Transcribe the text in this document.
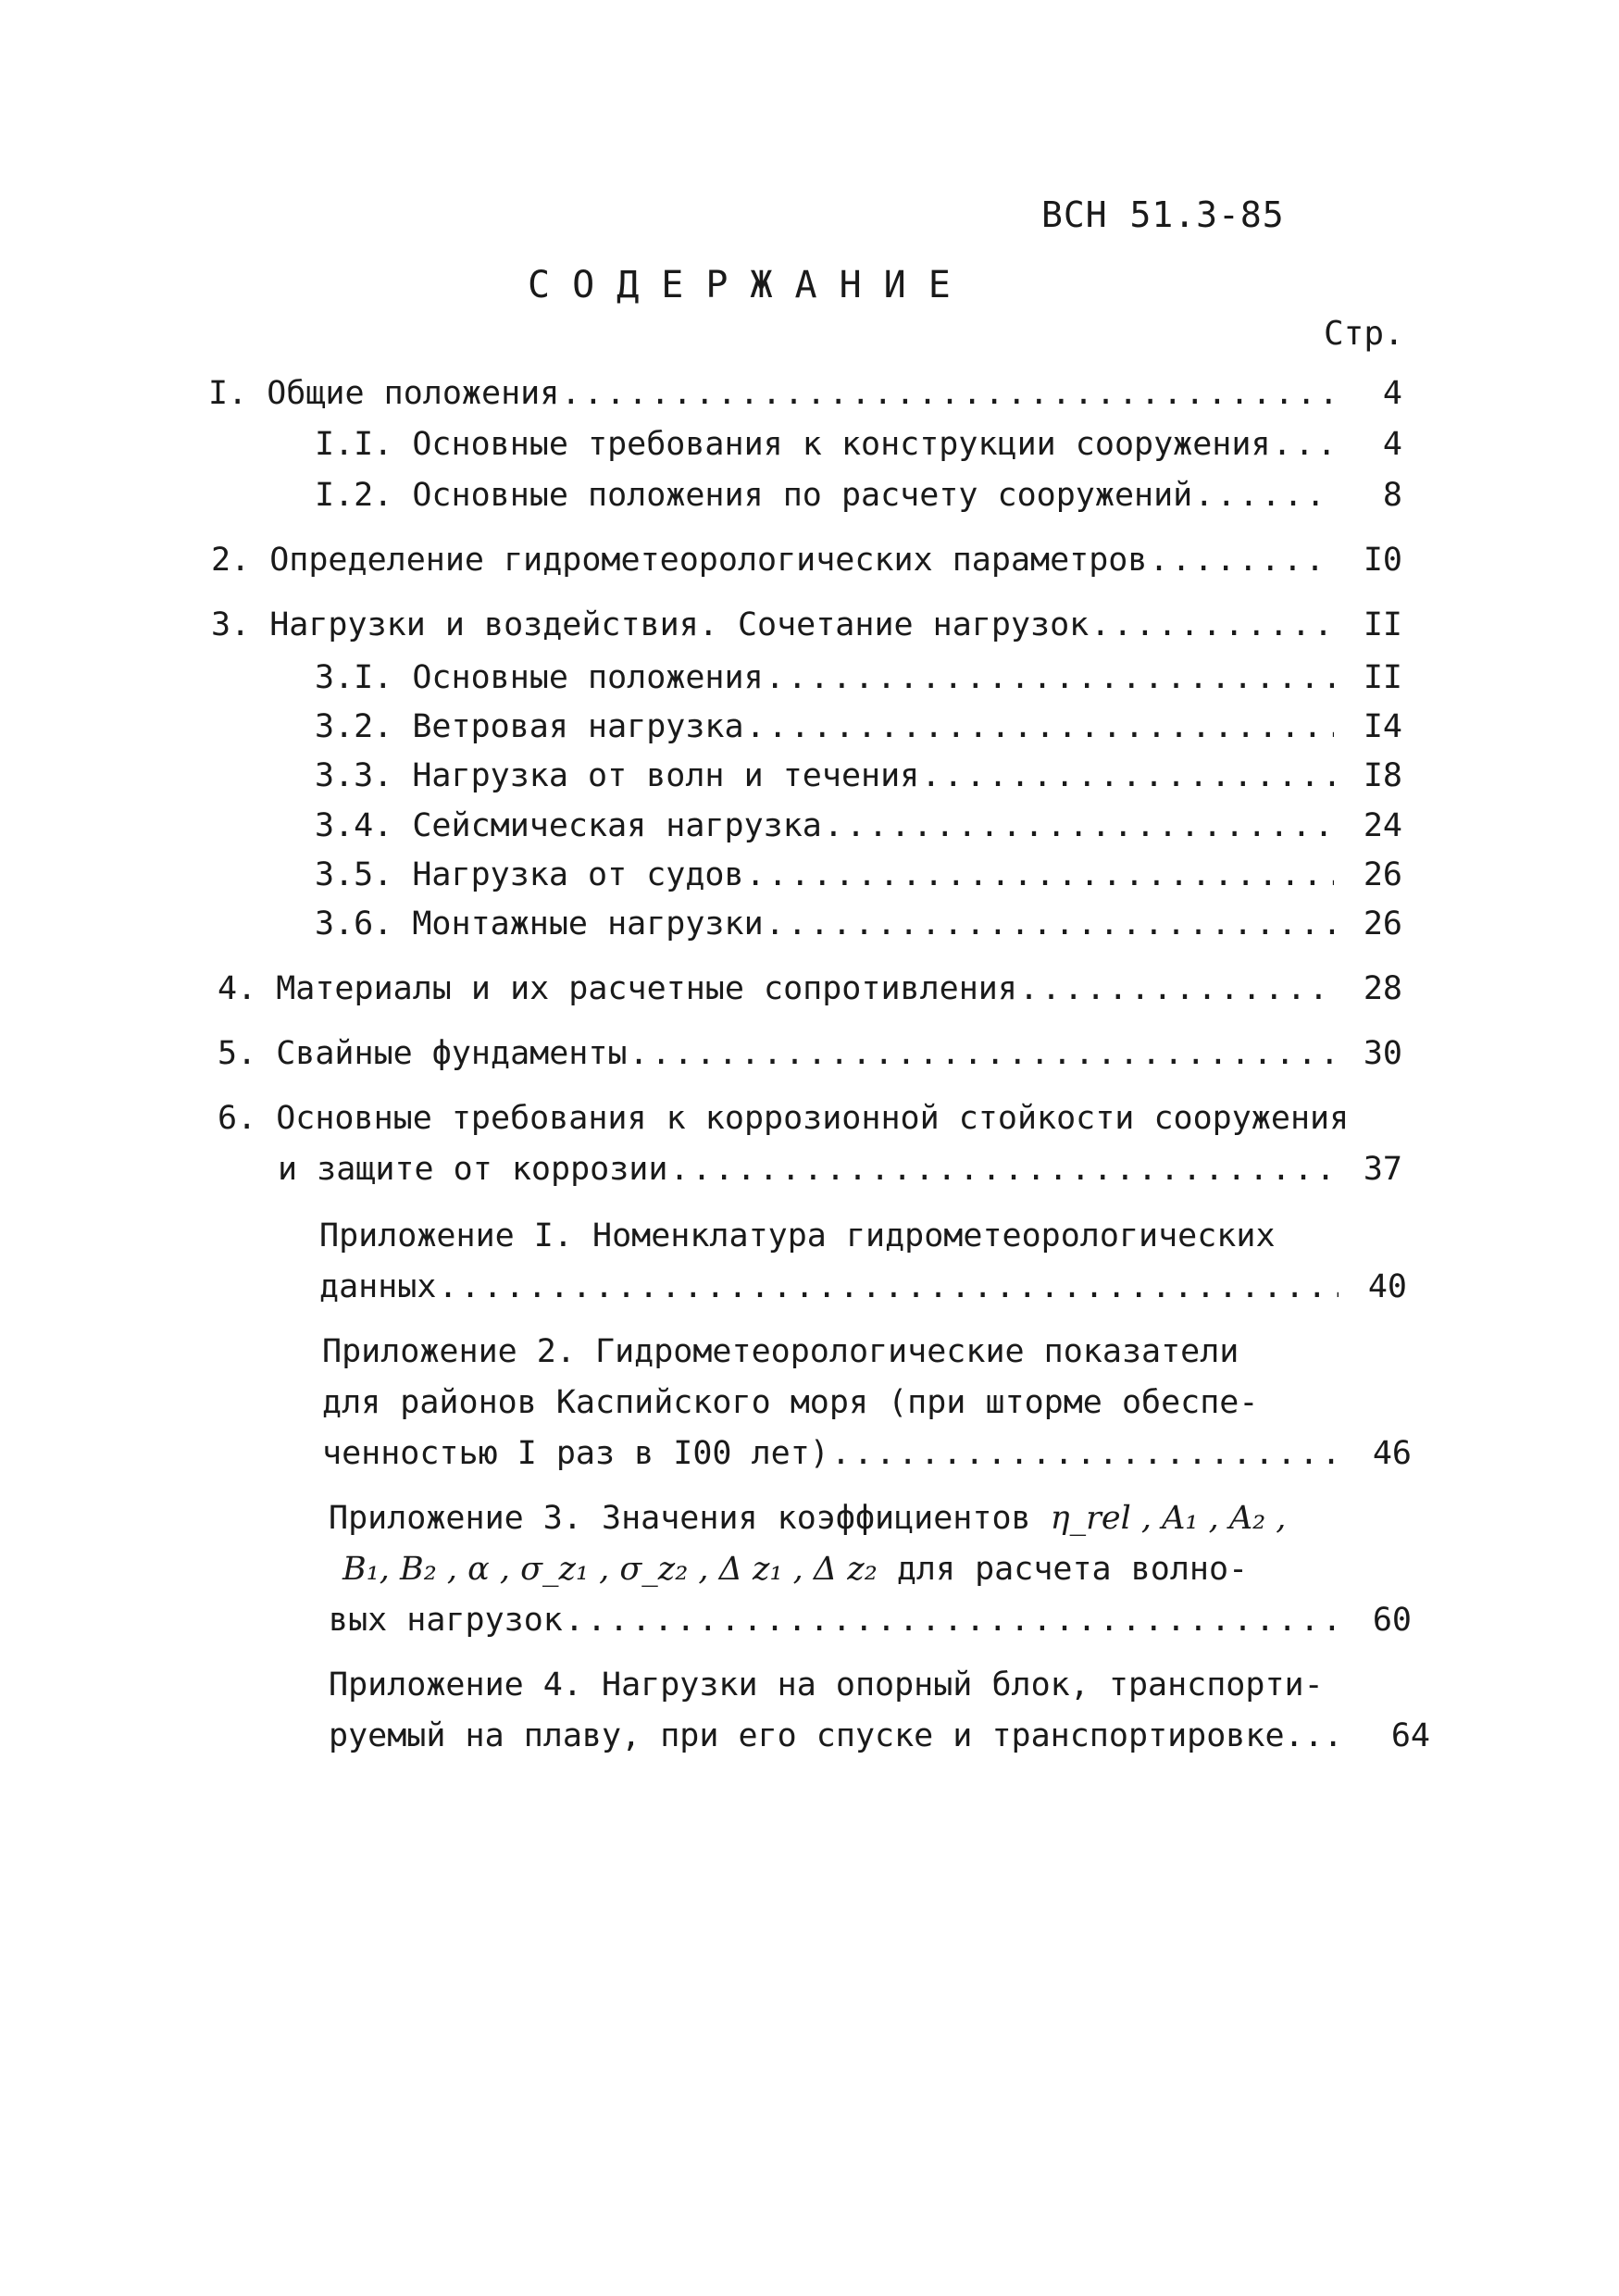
ВСН 51.3-85
СОДЕРЖАНИЕ
Стр.
I. Общие положения .....	4
I.I. Основные требования к конструкции сооружения .....	4
I.2. Основные положения по расчету сооружений .....	8
2. Определение гидрометеорологических параметров .....	I0
3. Нагрузки и воздействия. Сочетание нагрузок .....	II
3.I. Основные положения .....	II
3.2. Ветровая нагрузка .....	I4
3.3. Нагрузка от волн и течения .....	I8
3.4. Сейсмическая нагрузка .....	24
3.5. Нагрузка от судов .....	26
3.6. Монтажные нагрузки .....	26
4. Материалы и их расчетные сопротивления .....	28
5. Свайные фундаменты .....	30
6. Основные требования к коррозионной стойкости сооружения
и защите от коррозии .....	37
Приложение I. Номенклатура гидрометеорологических
данных .....	40
Приложение 2. Гидрометеорологические показатели
для районов Каспийского моря (при шторме обеспе-
ченностью I раз в I00 лет) .....	46
Приложение 3. Значения коэффициентов η_rel , A₁ , A₂ ,
B₁, B₂ , α , σ_z₁ , σ_z₂ , Δ z₁ , Δ z₂ для расчета волно-
вых нагрузок .....	60
Приложение 4. Нагрузки на опорный блок, транспорти-
руемый на плаву, при его спуске и транспортировке... 64
